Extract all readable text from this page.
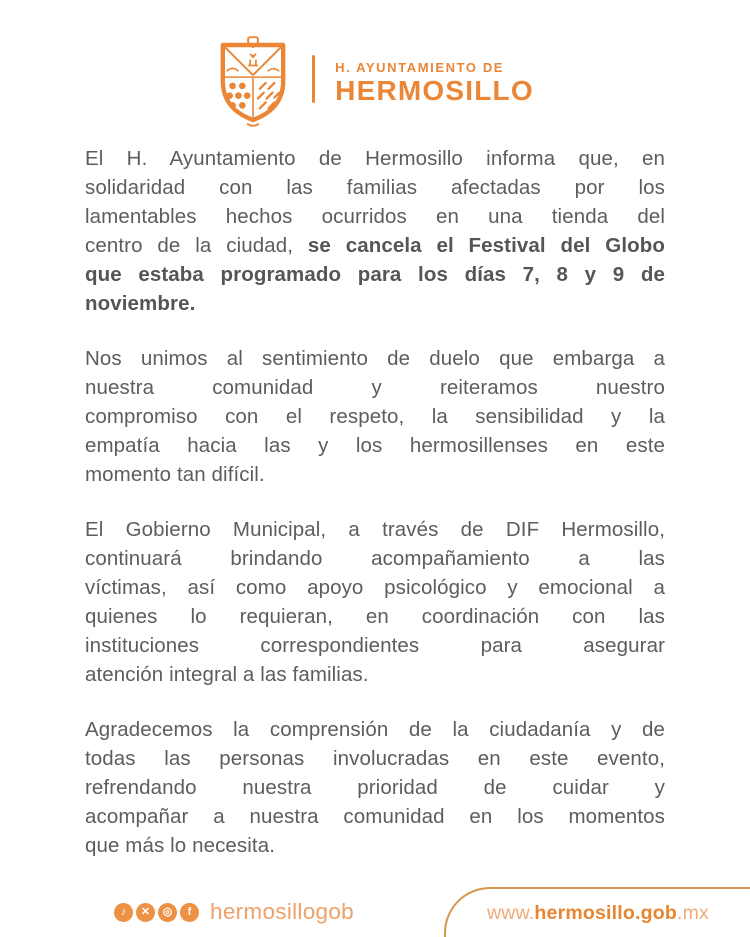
H. AYUNTAMIENTO DE
HERMOSILLO

El H. Ayuntamiento de Hermosillo informa que, en
solidaridad con las familias afectadas por los
lamentables hechos ocurridos en una tienda del
centro de la ciudad, se cancela el Festival del Globo
que estaba programado para los días 7, 8 y 9 de
noviembre.

Nos unimos al sentimiento de duelo que embarga a
nuestra comunidad y reiteramos nuestro
compromiso con el respeto, la sensibilidad y la
empatía hacia las y los hermosillenses en este
momento tan difícil.

El Gobierno Municipal, a través de DIF Hermosillo,
continuará brindando acompañamiento a las
víctimas, así como apoyo psicológico y emocional a
quienes lo requieran, en coordinación con las
instituciones correspondientes para asegurar
atención integral a las familias.

Agradecemos la comprensión de la ciudadanía y de
todas las personas involucradas en este evento,
refrendando nuestra prioridad de cuidar y
acompañar a nuestra comunidad en los momentos
que más lo necesita.

♪	✕	◎	f hermosillogob	www.hermosillo.gob.mx
